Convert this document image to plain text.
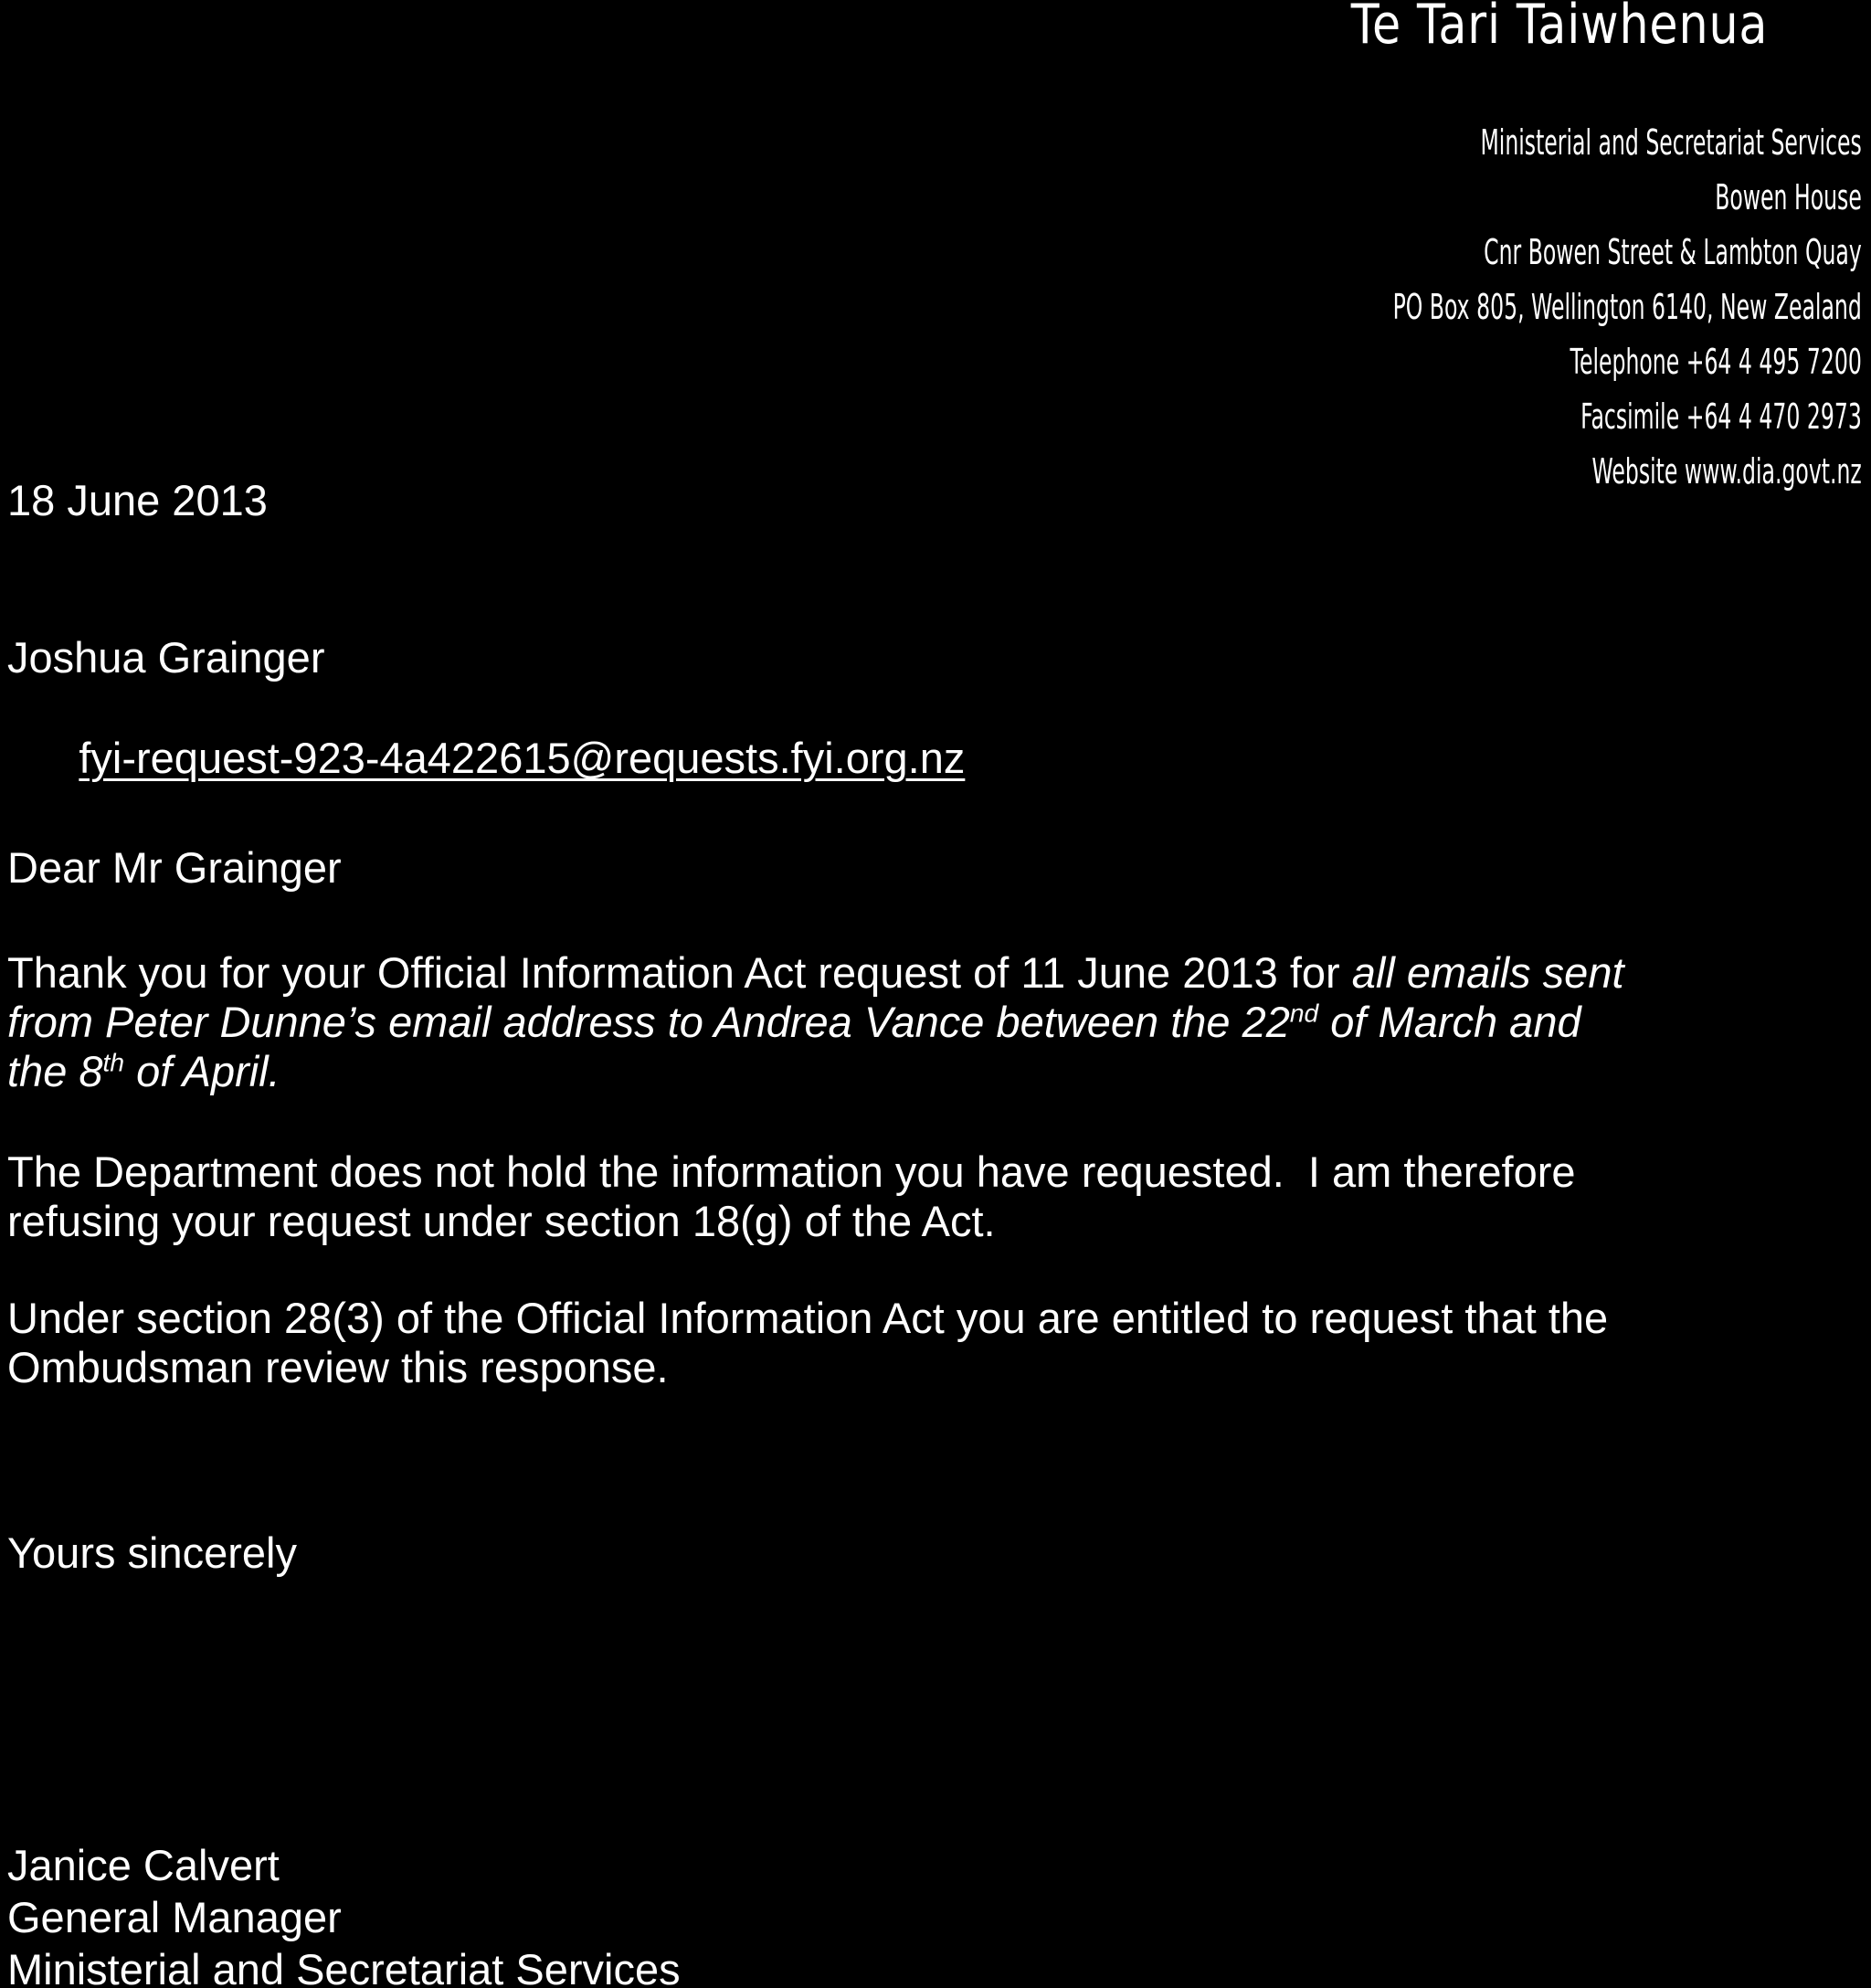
Te Tari Taiwhenua
Ministerial and Secretariat Services
Bowen House
Cnr Bowen Street & Lambton Quay
PO Box 805, Wellington 6140, New Zealand
Telephone +64 4 495 7200
Facsimile +64 4 470 2973
Website www.dia.govt.nz
18 June 2013
Joshua Grainger

fyi-request-923-4a422615@requests.fyi.org.nz

Dear Mr Grainger
Thank you for your Official Information Act request of 11 June 2013 for all emails sent
from Peter Dunne’s email address to Andrea Vance between the 22nd of March and
the 8th of April.
The Department does not hold the information you have requested.  I am therefore
refusing your request under section 18(g) of the Act.
Under section 28(3) of the Official Information Act you are entitled to request that the
Ombudsman review this response.
Yours sincerely
Janice Calvert
General Manager
Ministerial and Secretariat Services
